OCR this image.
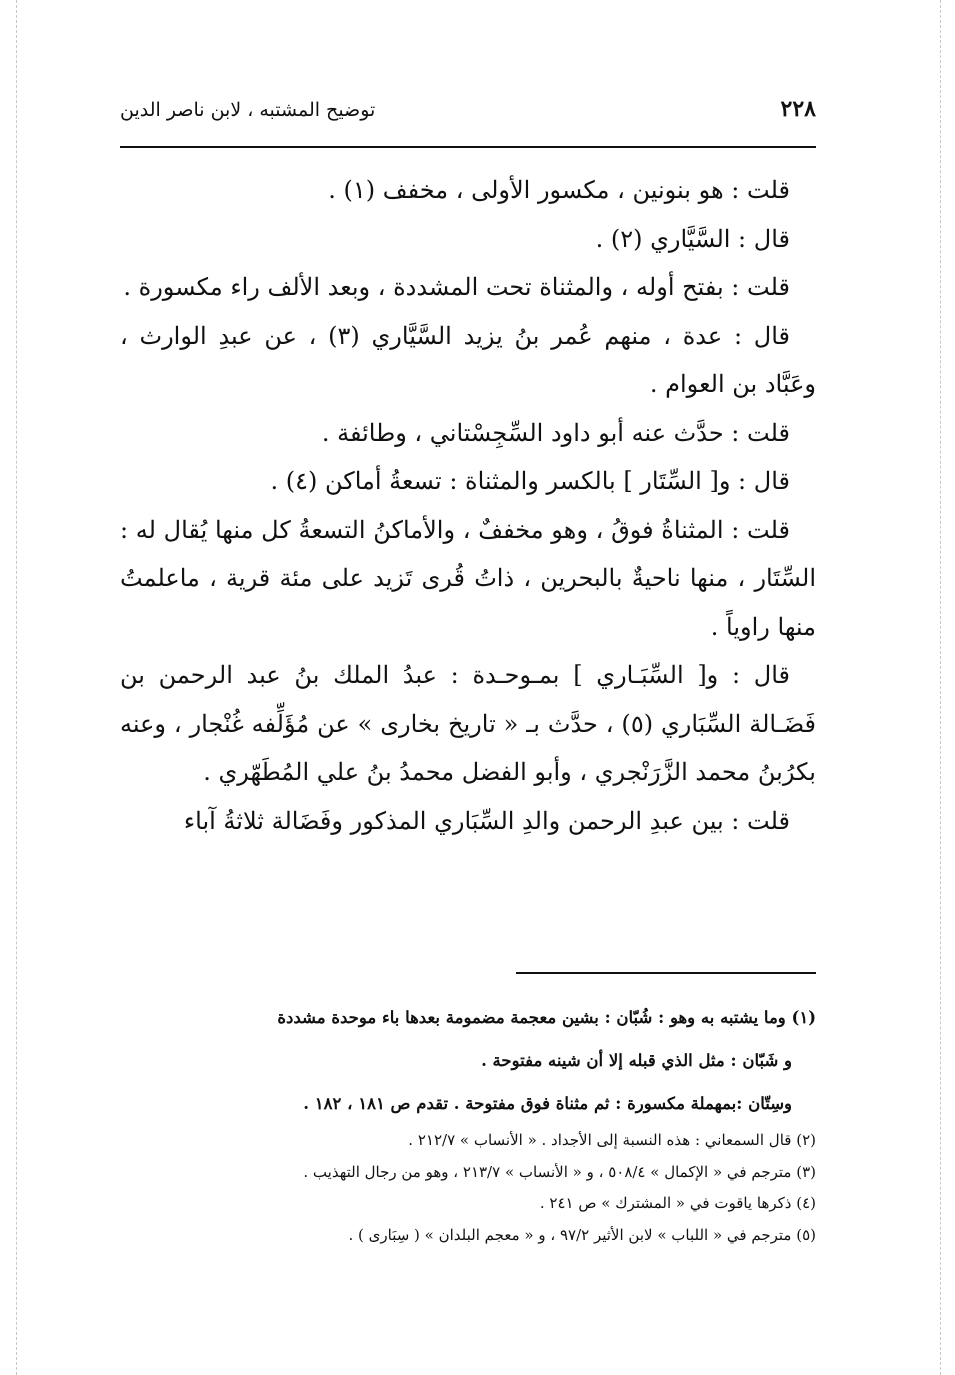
٢٢٨
توضيح المشتبه ، لابن ناصر الدين

قلت : هو بنونين ، مكسور الأولى ، مخفف (١) .

قال : السَّيَّاري (٢) .

قلت : بفتح أوله ، والمثناة تحت المشددة ، وبعد الألف راء مكسورة .

قال : عدة ، منهم عُمر بنُ يزيد السَّيَّاري (٣) ، عن عبدِ الوارث ، وعَبَّاد بن العوام .

قلت : حدَّث عنه أبو داود السِّجِسْتاني ، وطائفة .

قال : و[ السِّتَار ] بالكسر والمثناة : تسعةُ أماكن (٤) .

قلت : المثناةُ فوقُ ، وهو مخففٌ ، والأماكنُ التسعةُ كل منها يُقال له : السِّتَار ، منها ناحيةٌ بالبحرين ، ذاتُ قُرى تَزيد على مئة قرية ، ماعلمتُ منها راوياً .

قال : و[ السِّبَـاري ] بمـوحـدة : عبدُ الملك بنُ عبد الرحمن بن فَضَـالة السِّبَاري (٥) ، حدَّث بـ « تاريخ بخارى » عن مُؤَلِّفه غُنْجار ، وعنه بكرُبنُ محمد الزَّرَنْجري ، وأبو الفضل محمدُ بنُ علي المُطَهّري .

قلت : بين عبدِ الرحمن والدِ السِّبَاري المذكور وفَضَالة ثلاثةُ آباء

(١) وما يشتبه به وهو : شُبّان : بشين معجمة مضمومة بعدها باء موحدة مشددة

و شَبّان : مثل الذي قبله إلا أن شينه مفتوحة .

وسِتّان :بمهملة مكسورة : ثم مثناة فوق مفتوحة . تقدم ص ١٨١ ، ١٨٢ .

(٢) قال السمعاني : هذه النسبة إلى الأجداد . « الأنساب » ٢١٢/٧ .

(٣) مترجم في « الإكمال » ٥٠٨/٤ ، و « الأنساب » ٢١٣/٧ ، وهو من رجال التهذيب .

(٤) ذكرها ياقوت في « المشترك » ص ٢٤١ .

(٥) مترجم في « اللباب » لابن الأثير ٩٧/٢ ، و « معجم البلدان » ( سِبَارى ) .
